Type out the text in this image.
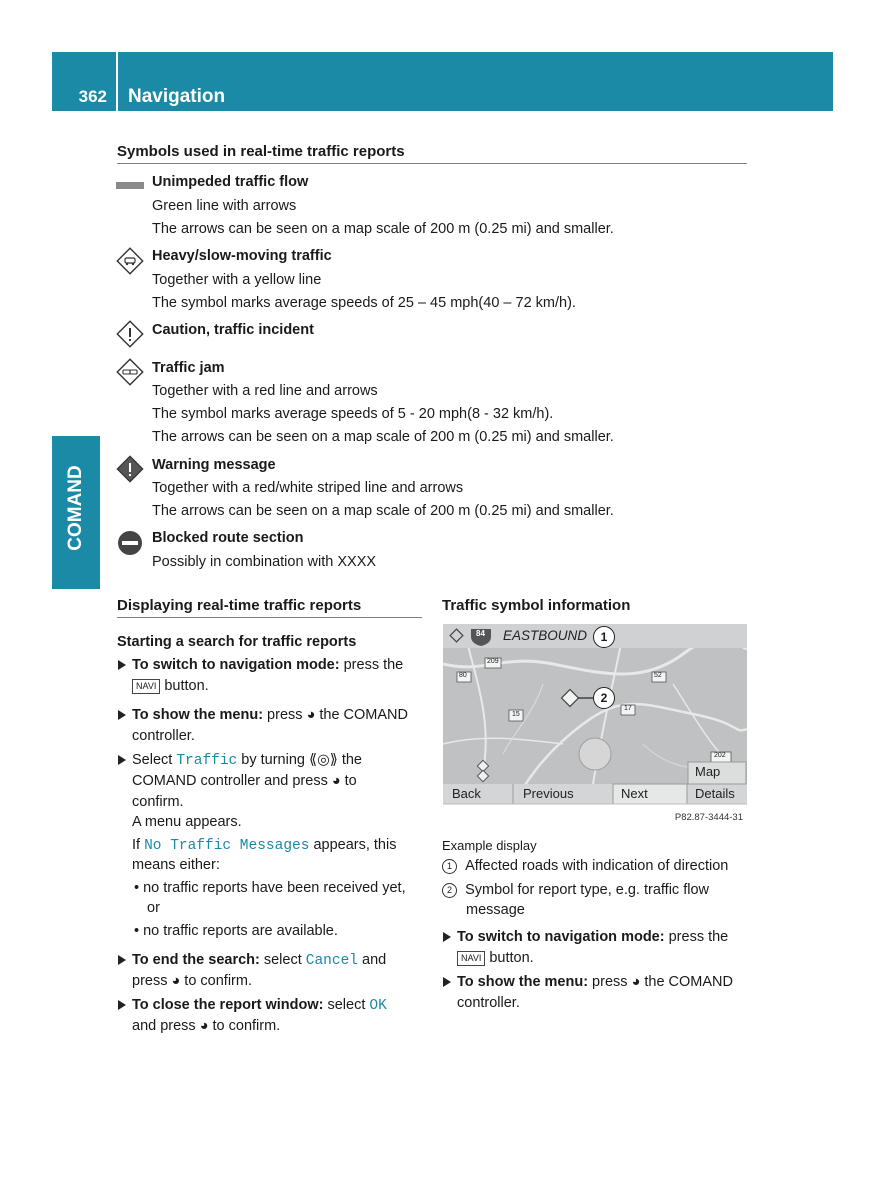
362	Navigation
COMAND
Symbols used in real-time traffic reports
Unimpeded traffic flow
Green line with arrows
The arrows can be seen on a map scale of 200 m (0.25 mi) and smaller.
Heavy/slow-moving traffic
Together with a yellow line
The symbol marks average speeds of 25 – 45 mph(40 – 72 km/h).
Caution, traffic incident
Traffic jam
Together with a red line and arrows
The symbol marks average speeds of 5 - 20 mph(8 - 32 km/h).
The arrows can be seen on a map scale of 200 m (0.25 mi) and smaller.
Warning message
Together with a red/white striped line and arrows
The arrows can be seen on a map scale of 200 m (0.25 mi) and smaller.
Blocked route section
Possibly in combination with XXXX
Displaying real-time traffic reports
Starting a search for traffic reports
To switch to navigation mode: press the
NAVI button.
To show the menu: press ◕ the COMAND
controller.
Select Traffic by turning ⟪◎⟫ the
COMAND controller and press ◕ to
confirm.
A menu appears.
If No Traffic Messages appears, this
means either:
• no traffic reports have been received yet,
or
• no traffic reports are available.
To end the search: select Cancel and
press ◕ to confirm.
To close the report window: select OK
and press ◕ to confirm.
Traffic symbol information
84 EASTBOUND	1
2
209
80	52
15
17
202
Map
Back	Previous	Next	Details
P82.87-3444-31
Example display
1 Affected roads with indication of direction
2 Symbol for report type, e.g. traffic flow
message
To switch to navigation mode: press the
NAVI button.
To show the menu: press ◕ the COMAND
controller.
